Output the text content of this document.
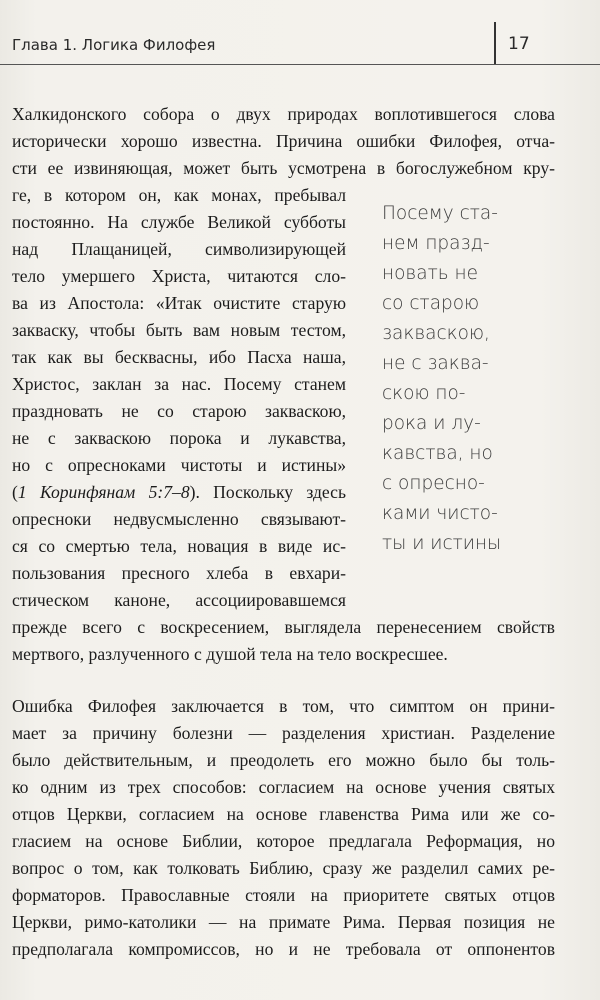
Глава 1. Логика Филофея	17
Халкидонского собора о двух природах воплотившегося слова
исторически хорошо известна. Причина ошибки Филофея, отча-
сти ее извиняющая, может быть усмотрена в богослужебном кру-
ге, в котором он, как монах, пребывал
постоянно. На службе Великой субботы
над Плащаницей, символизирующей
тело умершего Христа, читаются сло-
ва из Апостола: «Итак очистите старую
закваску, чтобы быть вам новым тестом,
так как вы бесквасны, ибо Пасха наша,
Христос, заклан за нас. Посему станем
праздновать не со старою закваскою,
не с закваскою порока и лукавства,
но с опресноками чистоты и истины»
(1 Коринфянам 5:7–8). Поскольку здесь
опресноки недвусмысленно связывают-
ся со смертью тела, новация в виде ис-
пользования пресного хлеба в евхари-
стическом каноне, ассоциировавшемся
прежде всего с воскресением, выглядела перенесением свойств
мертвого, разлученного с душой тела на тело воскресшее.
Посему ста-
нем празд-
новать не
со старою
закваскою,
не с заква-
скою по-
рока и лу-
кавства, но
с опресно-
ками чисто-
ты и истины
Ошибка Филофея заключается в том, что симптом он прини-
мает за причину болезни — разделения христиан. Разделение
было действительным, и преодолеть его можно было бы толь-
ко одним из трех способов: согласием на основе учения святых
отцов Церкви, согласием на основе главенства Рима или же со-
гласием на основе Библии, которое предлагала Реформация, но
вопрос о том, как толковать Библию, сразу же разделил самих ре-
форматоров. Православные стояли на приоритете святых отцов
Церкви, римо-католики — на примате Рима. Первая позиция не
предполагала компромиссов, но и не требовала от оппонентов
